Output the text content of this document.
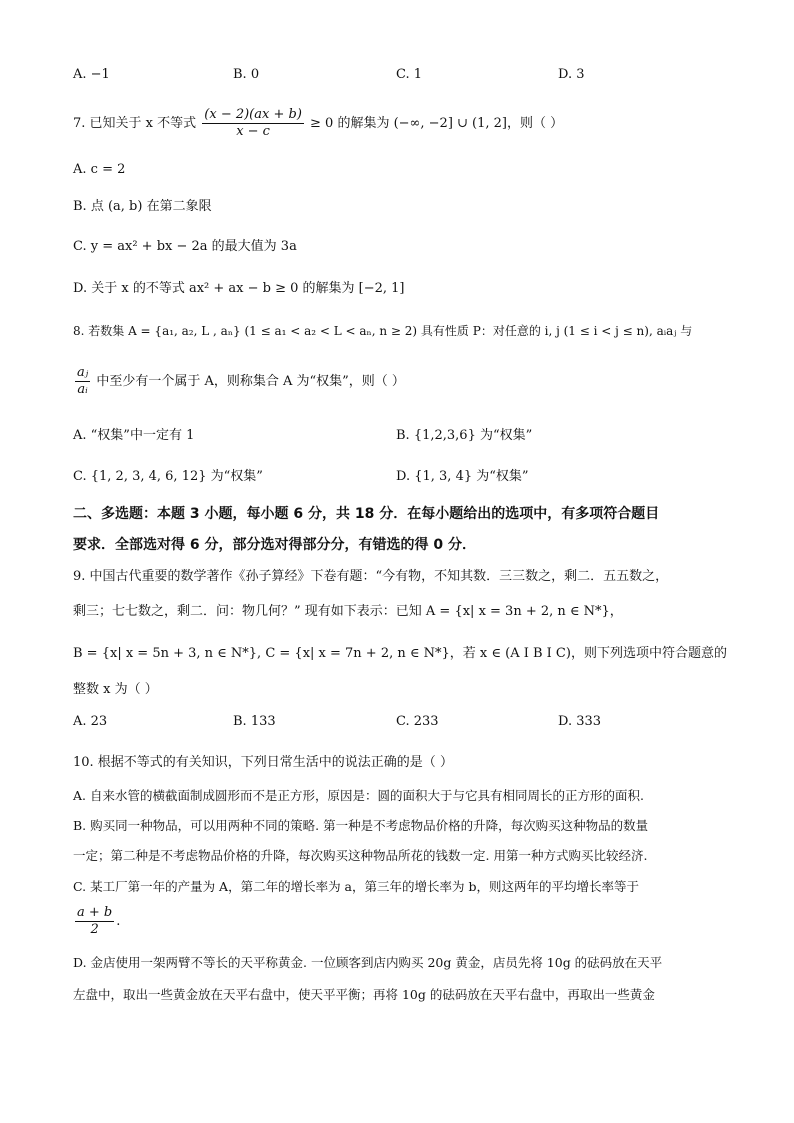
A. −1	B. 0	C. 1	D. 3
7. 已知关于 x 不等式 $\frac{(x - 2)(ax + b)}{x - c} \ge 0$ 的解集为 (−∞, −2] ∪ (1, 2]，则（ ）
A. c = 2
B. 点 (a, b) 在第二象限
C. y = ax² + bx − 2a 的最大值为 3a
D. 关于 x 的不等式 ax² + ax − b ≥ 0 的解集为 [−2, 1]
8. 若数集 A = {a₁, a₂, L , aₙ} (1 ≤ a₁ < a₂ < L < aₙ, n ≥ 2) 具有性质 P：对任意的 i, j (1 ≤ i < j ≤ n), aᵢaⱼ 与
$\frac{\text{aⱼ}}{\text{aᵢ}}$ 中至少有一个属于 A，则称集合 A 为“权集”，则（ ）
A. “权集”中一定有 1	B. {1,2,3,6} 为“权集”
C. {1, 2, 3, 4, 6, 12} 为“权集”	D. {1, 3, 4} 为“权集”
二、多选题：本题 3 小题，每小题 6 分，共 18 分．在每小题给出的选项中，有多项符合题目
要求．全部选对得 6 分，部分选对得部分分，有错选的得 0 分．
9. 中国古代重要的数学著作《孙子算经》下卷有题：“今有物，不知其数．三三数之，剩二．五五数之，
剩三；七七数之，剩二．问：物几何？” 现有如下表示：已知 A = {x| x = 3n + 2, n ∈ N*}，
B = {x| x = 5n + 3, n ∈ N*}, C = {x| x = 7n + 2, n ∈ N*}，若 x ∈ (A I B I C)，则下列选项中符合题意的
整数 x 为（ ）
A. 23	B. 133	C. 233	D. 333
10. 根据不等式的有关知识，下列日常生活中的说法正确的是（ ）
A. 自来水管的横截面制成圆形而不是正方形，原因是：圆的面积大于与它具有相同周长的正方形的面积.
B. 购买同一种物品，可以用两种不同的策略. 第一种是不考虑物品价格的升降，每次购买这种物品的数量
一定；第二种是不考虑物品价格的升降，每次购买这种物品所花的钱数一定. 用第一种方式购买比较经济.
C. 某工厂第一年的产量为 A，第二年的增长率为 a，第三年的增长率为 b，则这两年的平均增长率等于
$\frac{a + b}{2}$ .
D. 金店使用一架两臂不等长的天平称黄金. 一位顾客到店内购买 20g 黄金，店员先将 10g 的砝码放在天平
左盘中，取出一些黄金放在天平右盘中，使天平平衡；再将 10g 的砝码放在天平右盘中，再取出一些黄金
